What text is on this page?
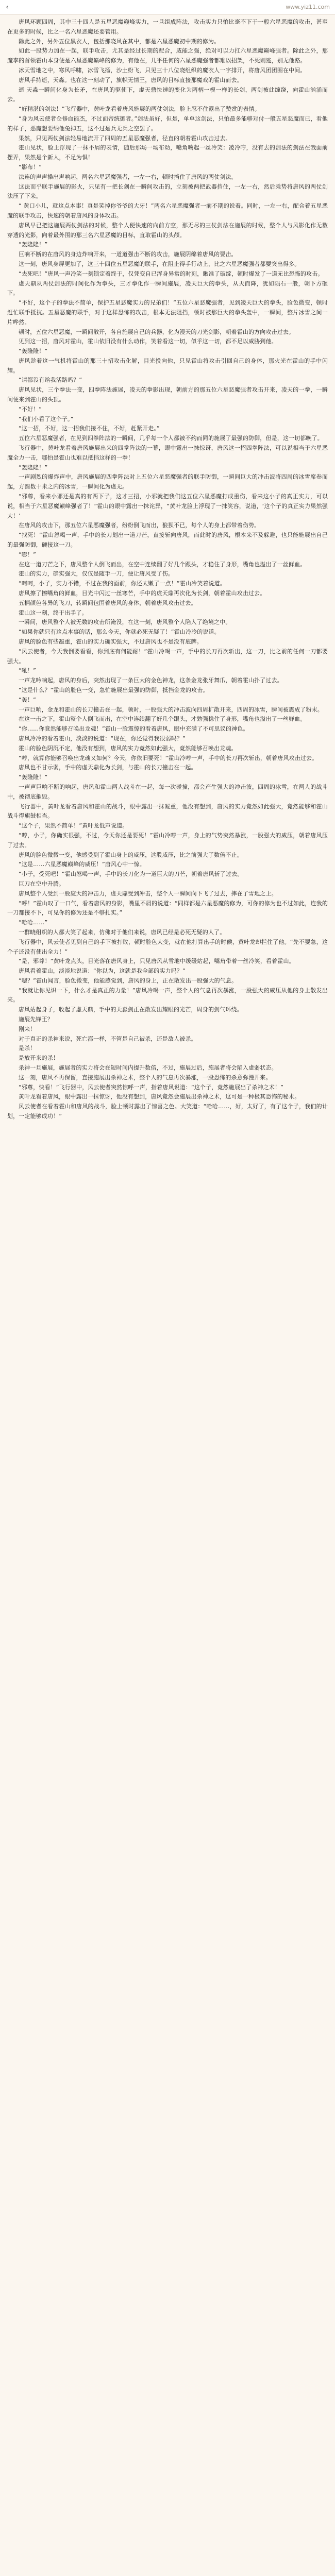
‹	www.yiz11.com

唐风环顾四周，其中三十四人是五星恶魔巅峰实力，一旦组成阵法，攻击实力只怕比毫不下于一般六星恶魔的攻击，甚至在更多的时候，比之一名六星恶魔还要管用。

除此之外，另外五位黑衣人，包括那晓风在其中，都是六星恶魔初中期的修为。

如此一股势力加在一起，联手攻击，尤其是经过长期的配合，威能之强，绝对可以力扛六星恶魔巅峰强者。除此之外，那魔李的首领霍山本身便是六星恶魔巅峰的修为，有他在，几乎任何的六星恶魔强者都难以招架，不死则逃，别无他路。

冰天雪地之中，寒风呼啸，冰雪飞扬，沙土纷飞，只见三十八位晓组织的魔衣人一字排开，将唐风团团围在中间。

唐风手持逝，天淼。也在这一刻动了，旗帜无情王，唐风的目标直接那魔戏的霍山而去。

逝 天淼一瞬间化身为长矛，在唐风的驱使下，虚天鼎快速的变化为两柄一模一样的长剑，两剑被此缠绕，向霍山汹涌而去。

“好精湛的剑法！”飞行器中，黄叶龙看着唐风施展的两仗剑法，脸上忍不住露出了赞赏的表情。

“身为风云使者仓修血能杰，不过面帝统御者。”剑法虽好，但是，单单这剑法，只怕最多能够对付一般五星恶魔而已，看他的样子，恶魔想要纳他兔掉五，这不过是兵无兵之空罢了。

果然，只见两仗剑法轻易地流开了四周的五星恶魔强者，径直的朝着霍山攻击过去。

霍山见状，脸上浮现了一抹不屑的表情，随后那场一场布动，嘴角噙起一丝冷笑：凌冷哼，没有去的剑法的剑法在我面前摆弄，果然是个新人，不足为惧！

“影布！”

法连的声声操出声响起，两名六星恶魔强者，一左一右，顿时挡住了唐风的两仗剑法。

这法而乎联手施展的影火，只见有一把长剑在一瞬间攻击的，立刻被两把武器挡住，一左一右，然后乘势将唐风的两仗剑法压了下来。

“ 黄口小儿，就这点本事！真是笑掉你爷爷的大牙！”两名六星恶魔强者一前不期的说着。同时，一左一右，配合着五星恶魔的联手攻击，快速的朝着唐风的身体攻击。

唐风早已把这施展两仗剑法的对候，整个人便快速的向前方空，那无尽的三仗剑法在施展的时候，整个人与风影化作无数穿透的光影，向着最外围的那三名六星恶魔的目标，直取霍山的头颅。

“轰隆隆！”

巨响不断的在唐风的身边炸响开来，一道道强击不断的攻击，施展阴绵着唐风的要击。

这一刻，唐风身屏更加了，这三十四位五星恶魔的联手，在阻止得手行动上，比之六星恶魔强者都要突出得多。

“去死吧！”唐风一声冷笑一刻锁定着终于，仅凭变自已浑身异常的时刻，瞅准了破绽，顿时爆发了一道无比恐怖的攻击。

虚天鼎从两仗剑法的时间化作为拳头，三才拳化作一瞬间施展，凌天巨大的拳头，从天而降，犹如陨石一般，朝下方砸下。

“不好，这个子的拳法不简单，保护五星恶魔实力的兄弟们！”五位六星恶魔强者，见到凌天巨大的拳头，脸色微变，顿时赶忙联手抵抗。五星恶魔的联手，对于这样恐怖的攻击，根本无法阻挡，顿时被那巨大的拳头轰中，一瞬间，整片冰雪之间一片哗然。

顿时，五位六星恶魔，一瞬间散开，各自施展自己的兵器，化为漫天的刀光剑影，朝着霍山的方向攻击过去。

见到这一招，唐风对霍山，霍山依旧没有什么动作，笑着看这一切，似乎这一切，都不足以威胁到他。

“轰隆隆！”

唐风趁着这一气机将霍山的那三十招攻击化解，目光投向他，只见霍山将攻击引回自己的身体，那火光在霍山的手中闪耀。

“请都沒有给我活路吗？”

唐风见状，三个拳法一变，四拳阵法施展，凌天的拳影出现，朝前方的那五位六星恶魔强者攻击开来，凌天的一拳，一瞬间便来到霍山的头顶。

“不好！”

“我们小看了这个子。”

“这一招，不好，这一招我们接不住，不好，赶紧开走。”

五位六星恶魔强者，在见到四拳阵法的一瞬间，几乎每一个人都被不约而同的施展了最强的防御，但是，这一切都晚了。

飞行器中，黄叶龙看着唐风施展出来的四拳阵法的一幕，眼中露出一抹惊讶，唐风这一招四拳阵法，可以说相当于六星恶魔全力一击，哪怕是霍山也难以抵挡这样的一拳！

“轰隆隆！”

一声剧烈的爆炸声中，唐风施展的四拳阵法对上五位六星恶魔强者的联手防御，一瞬间巨大的冲击波将四周的冰雪席卷而起，方圆数十米之内的冰雪，一瞬间化为虚无。

“邪尊，看来小邪还是真的有两下子，这才三招，小邪就把我们这五位六星恶魔打成重伤，看来这小子的真正实力，可以说，相当于六星恶魔巅峰强者了！”霍山的眼中露出一抹诧异，“黄叶龙脸上浮现了一抹笑容，说道，‘这个子的真正实力果然强大！’

在唐风的攻击下，那五位六星恶魔强者，纷纷倒飞而出，狼狈不已，每个人的身上都带着伤势。

“找死！”霍山怒喝一声，手中的长刀划出一道刀芒，直接斩向唐风，而此时的唐风，根本来不及躲避，也只能施展出自己的最强防御，硬接这一刀。

“嘭！”

在这一道刀芒之下，唐风整个人倒飞而出，在空中连续翻了好几个跟头，才稳住了身形，嘴角也溢出了一丝鲜血。

霍山的实力，确实强大，仅仅是随手一刀，便让唐风受了伤。

“呵呵，小子，实力不错，不过在我的面前，你还太嫩了一点！”霍山冷笑着说道。

唐风擦了擦嘴角的鲜血，目光中闪过一丝寒芒，手中的虚天鼎再次化为长剑，朝着霍山攻击过去。

五柄颜色各异的飞刀，转瞬间包围着唐风的身体，朝着唐风攻击过去。

霍山这一刻，终于出手了。

一瞬间，唐风整个人被无数的攻击所淹没，在这一刻，唐风整个人陷入了绝境之中。

“如果你就只有这点本事的话，那么今天，你就必死无疑了！”霍山冷冷的说道。

唐风的脸色有些凝重，霍山的实力确实强大，不过唐风也不是没有底牌。

“风云使者，今天我倒要看看，你到底有何能耐！”霍山冷喝一声，手中的长刀再次斩出，这一刀，比之前的任何一刀都要强大。

“吼！”

一声龙吟响起，唐风的身后，突然出现了一条巨大的金色神龙，这条金龙张牙舞爪，朝着霍山扑了过去。

“这是什么？”霍山的脸色一变，急忙施展出最强的防御，抵挡金龙的攻击。

“轰！”

一声巨响，金龙和霍山的长刀撞击在一起，顿时，一股强大的冲击波向四周扩散开来，四周的冰雪，瞬间被震成了粉末。

在这一击之下，霍山整个人倒飞而出，在空中连续翻了好几个跟头，才勉强稳住了身形，嘴角也溢出了一丝鲜血。

“你……你竟然能够召唤出龙魂！”霍山一脸震惊的看着唐风，眼中充满了不可思议的神色。

唐风冷冷的看着霍山，淡淡的说道：“现在，你还觉得我很弱吗？”

霍山的脸色阴沉不定，他没有想到，唐风的实力竟然如此强大，竟然能够召唤出龙魂。

“哼，就算你能够召唤出龙魂又如何？今天，你依旧要死！”霍山冷哼一声，手中的长刀再次斩出，朝着唐风攻击过去。

唐风也不甘示弱，手中的虚天鼎化为长剑，与霍山的长刀撞击在一起。

“轰隆隆！”

一声声巨响不断的响起，唐风和霍山两人战斗在一起，每一次碰撞，都会产生强大的冲击波，四周的冰雪，在两人的战斗中，被彻底摧毁。

飞行器中，黄叶龙看着唐风和霍山的战斗，眼中露出一抹凝重，他没有想到，唐风的实力竟然如此强大，竟然能够和霍山战斗得旗鼓相当。

“这个子，果然不简单！”黄叶龙低声说道。

“哼，小子，你确实很强，不过，今天你还是要死！”霍山冷哼一声，身上的气势突然暴涨，一股强大的威压，朝着唐风压了过去。

唐风的脸色微微一变，他感受到了霍山身上的威压，这股威压，比之前强大了数倍不止。

“这是……六星恶魔巅峰的威压！”唐风心中一惊。

“小子，受死吧！”霍山怒喝一声，手中的长刀化为一道巨大的刀芒，朝着唐风斩了过去。

巨刀在空中升腾。

唐风整个人受到一股庞大的冲击力，虚天鼎受到冲击，整个人一瞬间向下飞了过去，摔在了雪地之上。

“呼！”霍山叹了一口气，看着唐风的身影，嘴里不屑的说道：“同样都是六星恶魔的修为，可你的修为也不过如此，连我的一刀都接不下，可见你的修为还是不够扎实。”

“哈哈……”

一群晓组织的人都大笑了起来，仿佛对于他们来说，唐风已经是必死无疑的人了。

飞行器中，风云使者见到自己的手下被打败，顿时脸色大变，就在他打算出手的时候，黄叶龙却拦住了他。“先不要急，这个子还没有使出全力！”

“是，邪尊！”黄叶龙点头，目光落在唐风身上，只见唐风从雪地中缓缓站起，嘴角带着一丝冷笑，看着霍山。

唐风看着霍山，淡淡地说道：“你以为，这就是我全部的实力吗？”

“嗯？”霍山闻言，脸色微变，他能感觉到，唐风的身上，正在散发出一股强大的气息。

“我就让你见识一下，什么才是真正的力量！”唐风冷喝一声，整个人的气息再次暴涨，一股强大的威压从他的身上散发出来。

唐风站起身子，收起了虚天鼎，手中的天淼剑正在散发出耀眼的光芒，周身的剑气环绕。

施展先锋王？

刚来！

对于真正的杀神来说，死亡都一样，不管是自己被杀，还是敌人被杀。

是杀！

是放开来的杀！

杀神一旦施展，施展者的实力将会在短时间内提升数倍，不过，施展过后，施展者将会陷入虚弱状态。

这一刻，唐风不再保留，直接施展出杀神之术，整个人的气息再次暴涨，一股恐怖的杀意弥漫开来。

“邪尊，快看！”飞行器中，风云使者突然惊呼一声，指着唐风说道：“这个子，竟然施展出了杀神之术！”

黄叶龙看着唐风，眼中露出一抹惊讶，他没有想到，唐风竟然会施展出杀神之术，这可是一种极其恐怖的秘术。

风云使者在看着霍山和唐风的战斗，脸上顿时露出了惊喜之色。大笑道：“哈哈……，好，太好了，有了这个子，我们的计划，一定能够成功！”
